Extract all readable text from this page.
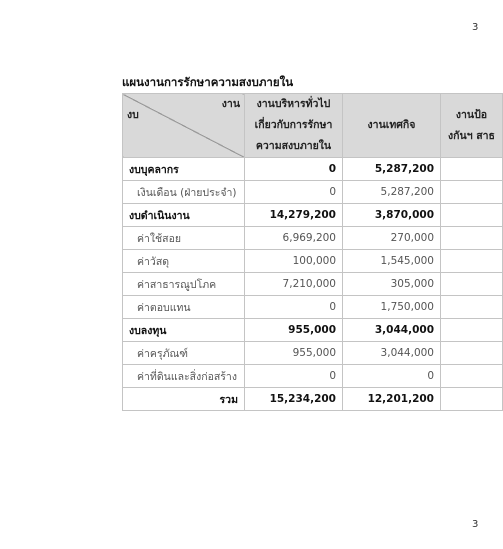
3
แผนงานการรักษาความสงบภายใน
งาน
งบ	งานบริหารทั่วไปเกี่ยวกับการรักษาความสงบภายใน	งานเทศกิจ	งานป้องกันฯ สาธ
งบบุคลากร	0	5,287,200	
เงินเดือน (ฝ่ายประจำ)	0	5,287,200	
งบดำเนินงาน	14,279,200	3,870,000	
ค่าใช้สอย	6,969,200	270,000	
ค่าวัสดุ	100,000	1,545,000	
ค่าสาธารณูปโภค	7,210,000	305,000	
ค่าตอบแทน	0	1,750,000	
งบลงทุน	955,000	3,044,000	
ค่าครุภัณฑ์	955,000	3,044,000	
ค่าที่ดินและสิ่งก่อสร้าง	0	0	
รวม	15,234,200	12,201,200	
3
